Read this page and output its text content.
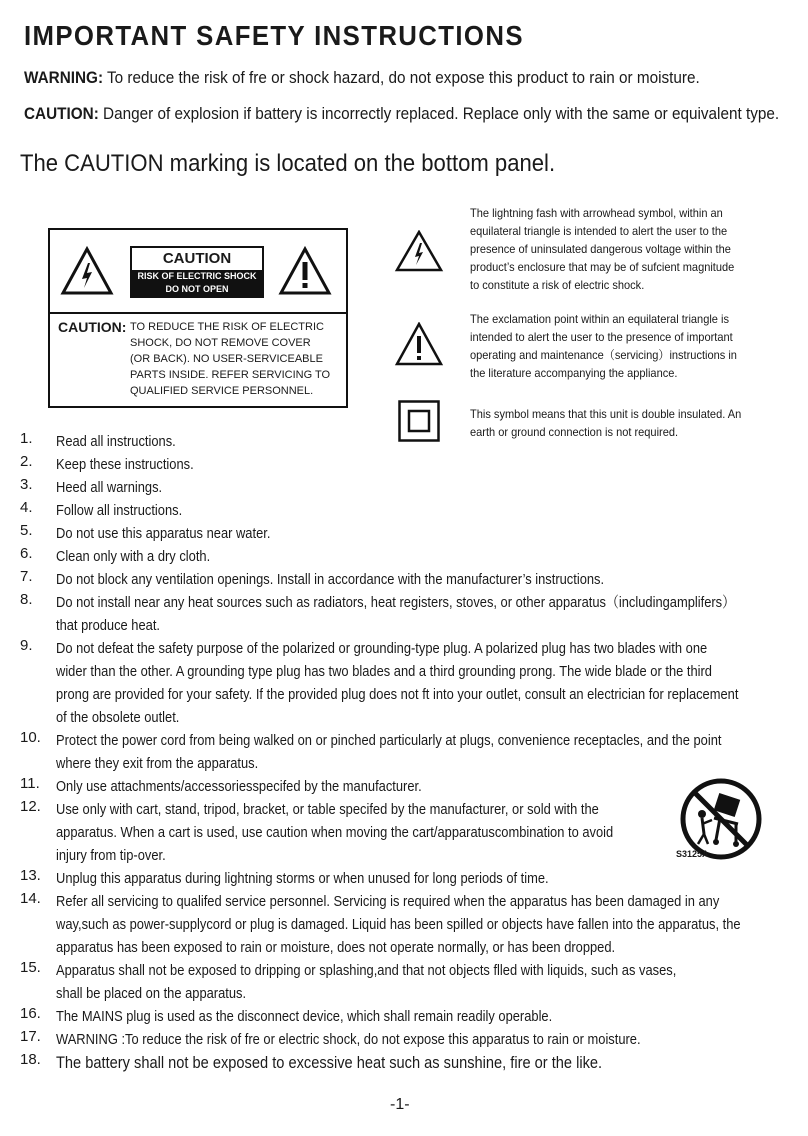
IMPORTANT SAFETY INSTRUCTIONS
WARNING: To reduce the risk of fre or shock hazard, do not expose this product to rain or moisture.
CAUTION: Danger of explosion if battery is incorrectly replaced. Replace only with the same or equivalent type.
The CAUTION marking is located on the bottom panel.
CAUTION
RISK OF ELECTRIC SHOCK
DO NOT OPEN
CAUTION: TO REDUCE THE RISK OF ELECTRIC
SHOCK, DO NOT REMOVE COVER
(OR BACK). NO USER-SERVICEABLE
PARTS INSIDE. REFER SERVICING TO
QUALIFIED SERVICE PERSONNEL.
The lightning fash with arrowhead symbol, within an
equilateral triangle is intended to alert the user to the
presence of uninsulated dangerous voltage within the
product’s enclosure that may be of sufcient magnitude
to constitute a risk of electric shock.
The exclamation point within an equilateral triangle is
intended to alert the user to the presence of important
operating and maintenance（servicing）instructions in
the literature accompanying the appliance.
This symbol means that this unit is double insulated. An
earth or ground connection is not required.
1.	Read all instructions.
2.	Keep these instructions.
3.	Heed all warnings.
4.	Follow all instructions.
5.	Do not use this apparatus near water.
6.	Clean only with a dry cloth.
7.	Do not block any ventilation openings. Install in accordance with the manufacturer’s instructions.
8.	Do not install near any heat sources such as radiators, heat registers, stoves, or other apparatus（includingamplifers）
that produce heat.
9.	Do not defeat the safety purpose of the polarized or grounding-type plug. A polarized plug has two blades with one
wider than the other. A grounding type plug has two blades and a third grounding prong. The wide blade or the third
prong are provided for your safety. If the provided plug does not ft into your outlet, consult an electrician for replacement
of the obsolete outlet.
10.	Protect the power cord from being walked on or pinched particularly at plugs, convenience receptacles, and the point
where they exit from the apparatus.
11.	Only use attachments/accessoriesspecifed by the manufacturer.
12.	Use only with cart, stand, tripod, bracket, or table specifed by the manufacturer, or sold with the
apparatus. When a cart is used, use caution when moving the cart/apparatuscombination to avoid
injury from tip-over.
13.	Unplug this apparatus during lightning storms or when unused for long periods of time.
14.	Refer all servicing to qualifed service personnel. Servicing is required when the apparatus has been damaged in any
way,such as power-supplycord or plug is damaged. Liquid has been spilled or objects have fallen into the apparatus, the
apparatus has been exposed to rain or moisture, does not operate normally, or has been dropped.
15.	Apparatus shall not be exposed to dripping or splashing,and that not objects flled with liquids, such as vases,
shall be placed on the apparatus.
16.	The MAINS plug is used as the disconnect device, which shall remain readily operable.
17.	WARNING :To reduce the risk of fre or electric shock, do not expose this apparatus to rain or moisture.
18. The battery shall not be exposed to excessive heat such as sunshine, fire or the like.
S3125A
-1-
